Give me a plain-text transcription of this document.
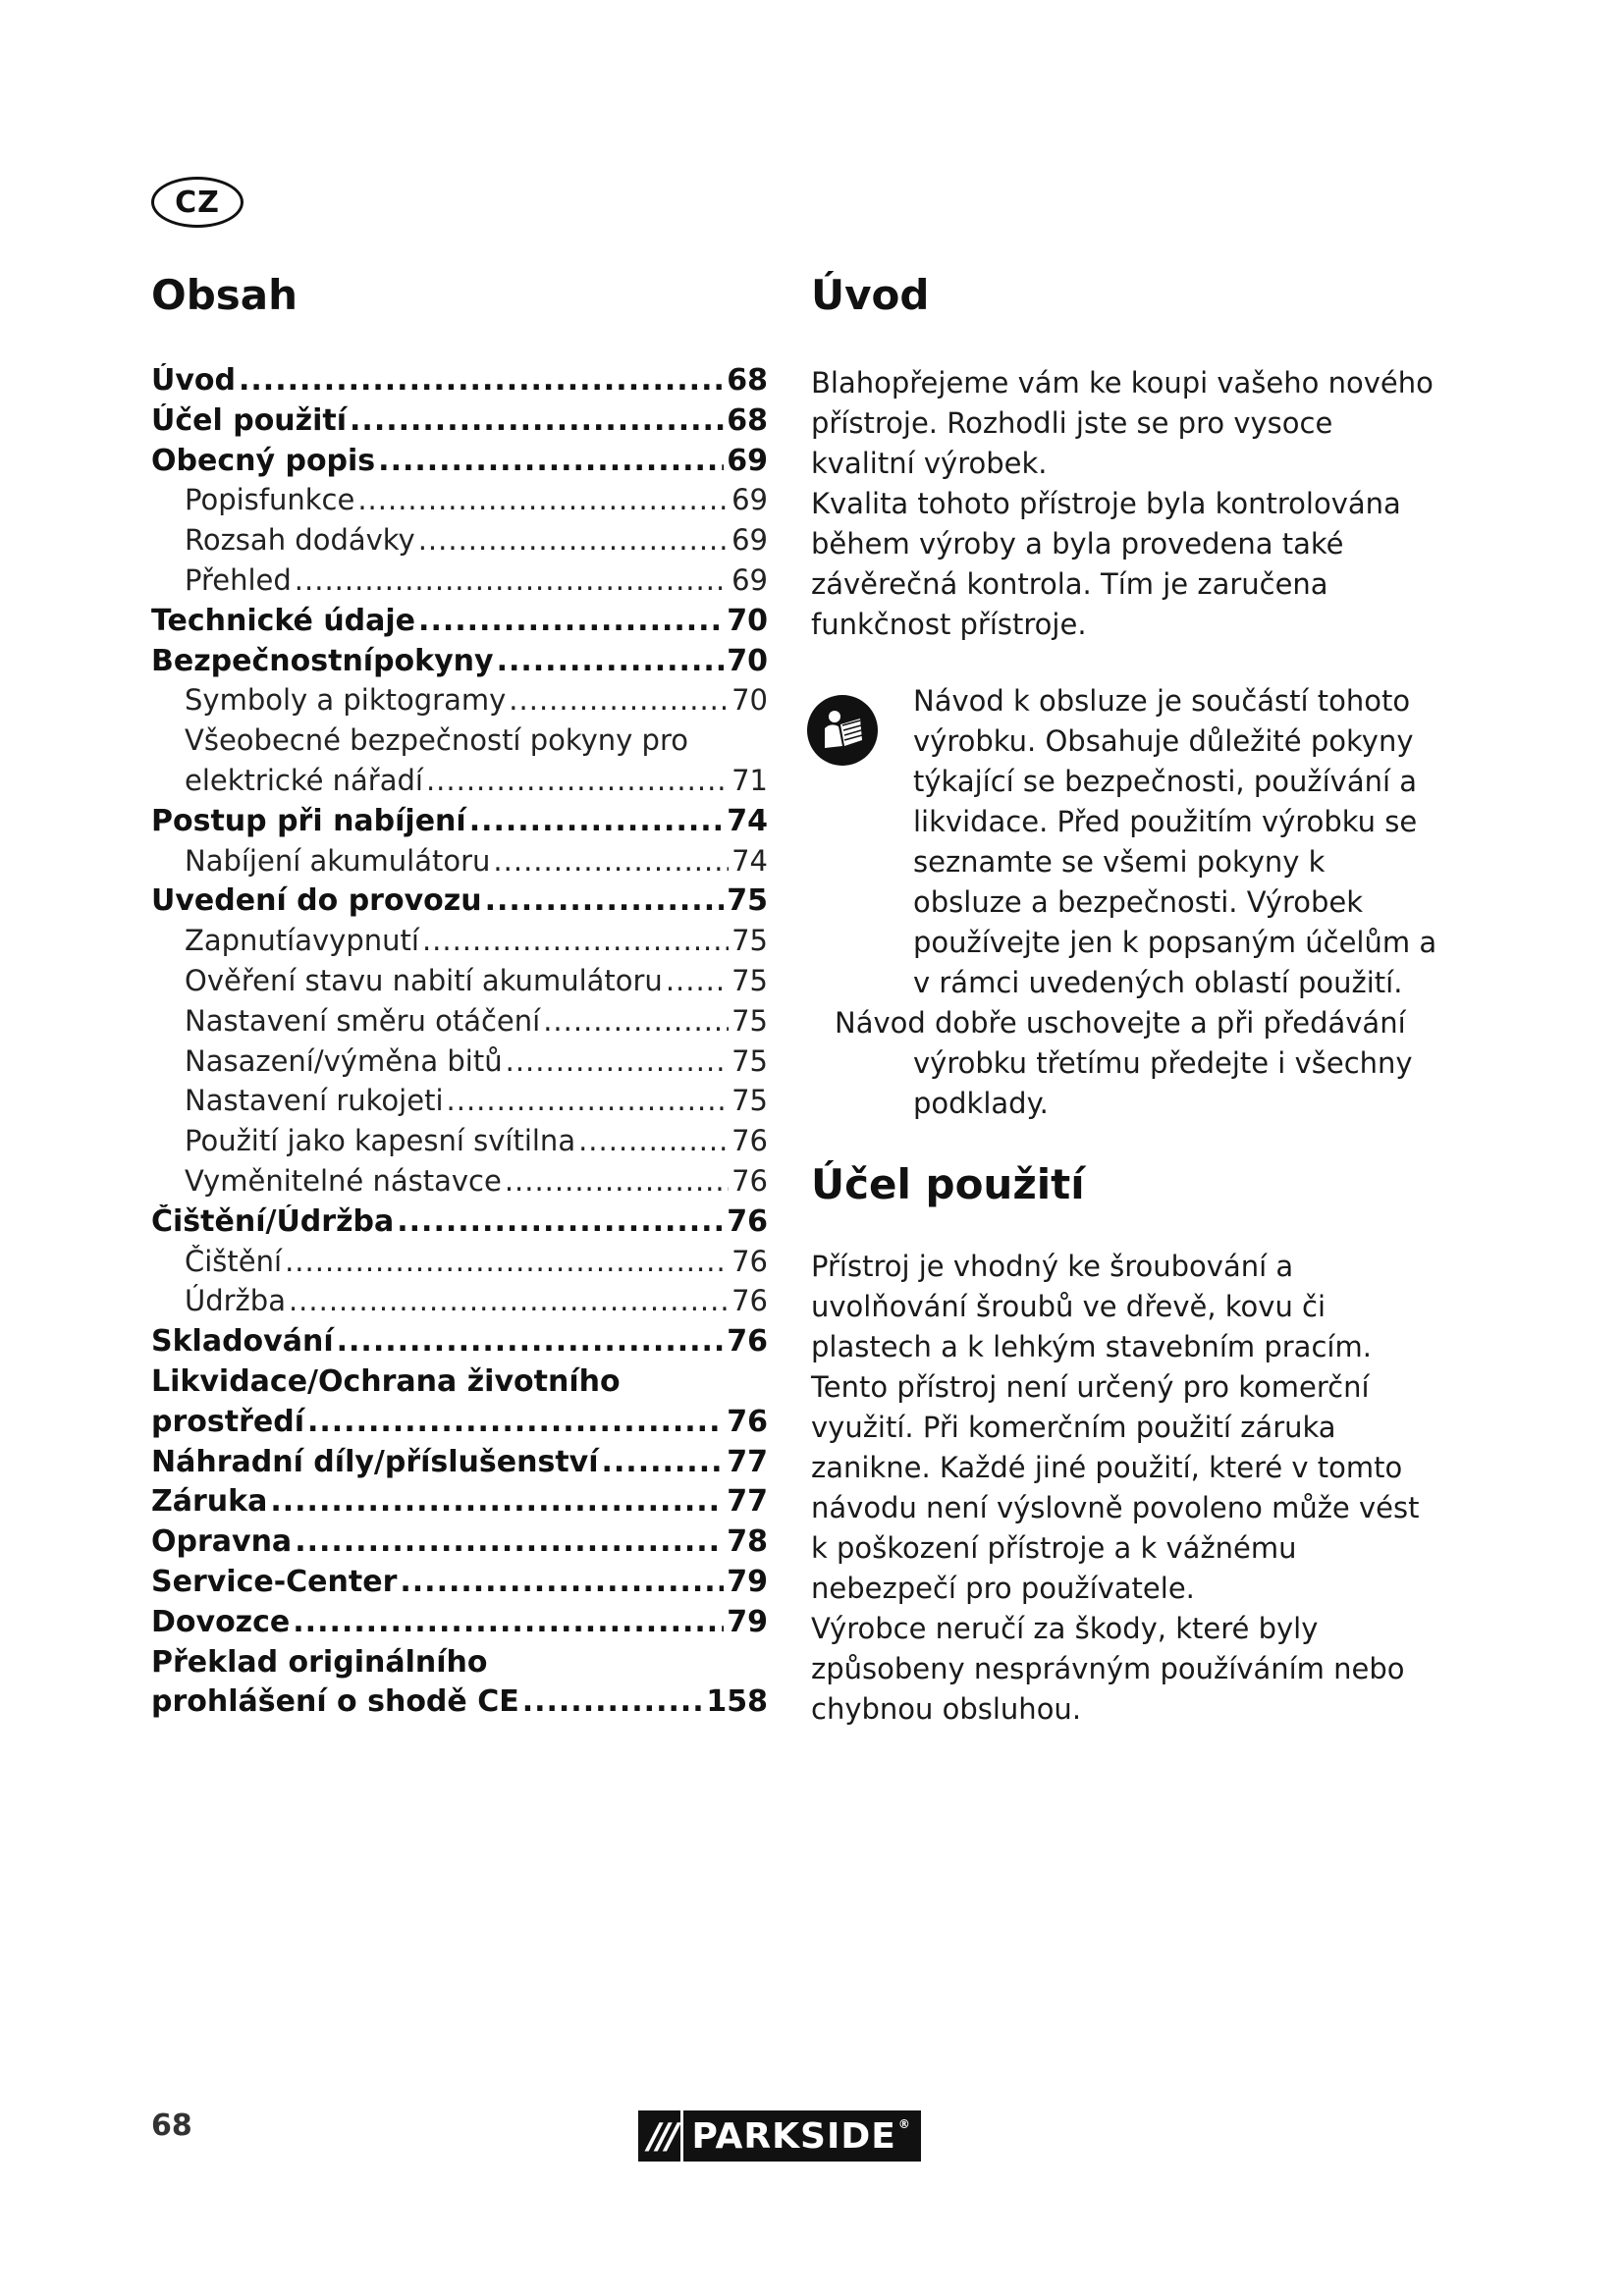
CZ
Obsah
Úvod .....	68
Účel použití .....	68
Obecný popis .....	69
Popisfunkce .....	69
Rozsah dodávky .....	69
Přehled .....	69
Technické údaje .....	70
Bezpečnostnípokyny .....	70
Symboly a piktogramy .....	70
Všeobecné bezpečností pokyny pro
elektrické nářadí .....	71
Postup při nabíjení .....	74
Nabíjení akumulátoru .....	74
Uvedení do provozu .....	75
Zapnutíavypnutí .....	75
Ověření stavu nabití akumulátoru ..... 75
Nastavení směru otáčení .....	75
Nasazení/výměna bitů .....	75
Nastavení rukojeti .....	75
Použití jako kapesní svítilna .....	76
Vyměnitelné nástavce .....	76
Čištění/Údržba .....	76
Čištění .....	76
Údržba .....	76
Skladování .....	76
Likvidace/Ochrana životního
prostředí .....	76
Náhradní díly/příslušenství .....	77
Záruka .....	77
Opravna .....	78
Service-Center .....	79
Dovozce .....	79
Překlad originálního
prohlášení o shodě CE .....	158
Úvod

Blahopřejeme vám ke koupi vašeho nového přístroje. Rozhodli jste se pro vysoce kvalitní výrobek.

Kvalita tohoto přístroje byla kontrolována během výroby a byla provedena také závěrečná kontrola. Tím je zaručena funkčnost přístroje.

Návod k obsluze je součástí tohoto výrobku. Obsahuje důležité pokyny týkající se bezpečnosti, používání a likvidace. Před použitím výrobku se seznamte se všemi pokyny k obsluze a bezpečnosti. Výrobek používejte jen k popsaným účelům a v rámci uvedených oblastí použití.

Návod dobře uschovejte a při předávání výrobku třetímu předejte i všechny podklady.

Účel použití

Přístroj je vhodný ke šroubování a uvolňování šroubů ve dřevě, kovu či plastech a k lehkým stavebním pracím.

Tento přístroj není určený pro komerční využití. Při komerčním použití záruka zanikne. Každé jiné použití, které v tomto návodu není výslovně povoleno může vést k poškození přístroje a k vážnému nebezpečí pro používatele.

Výrobce neručí za škody, které byly způsobeny nesprávným používáním nebo chybnou obsluhou.

68	/// PARKSIDE ®
